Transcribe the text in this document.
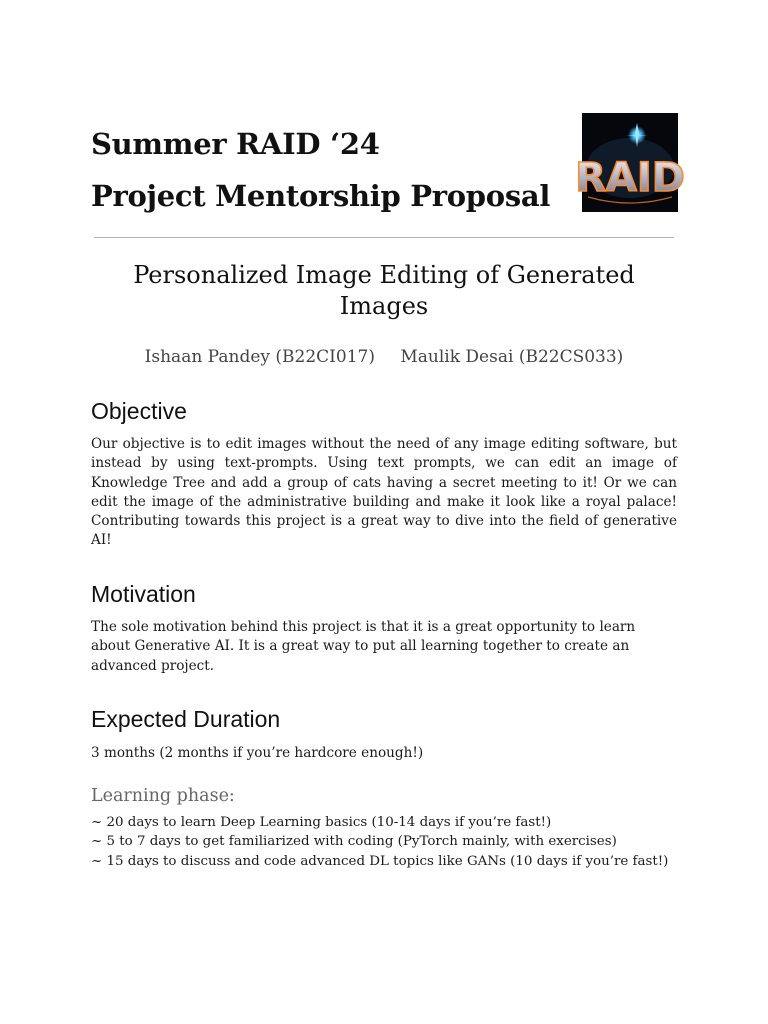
Summer RAID ‘24
Project Mentorship Proposal RAID
Personalized Image Editing of Generated Images
Ishaan Pandey (B22CI017) Maulik Desai (B22CS033)
Objective
Our objective is to edit images without the need of any image editing software, but instead by using text-prompts. Using text prompts, we can edit an image of Knowledge Tree and add a group of cats having a secret meeting to it! Or we can edit the image of the administrative building and make it look like a royal palace! Contributing towards this project is a great way to dive into the field of generative AI!
Motivation
The sole motivation behind this project is that it is a great opportunity to learn about Generative AI. It is a great way to put all learning together to create an advanced project.
Expected Duration
3 months (2 months if you’re hardcore enough!)
Learning phase:
~ 20 days to learn Deep Learning basics (10-14 days if you’re fast!)
~ 5 to 7 days to get familiarized with coding (PyTorch mainly, with exercises)
~ 15 days to discuss and code advanced DL topics like GANs (10 days if you’re fast!)
